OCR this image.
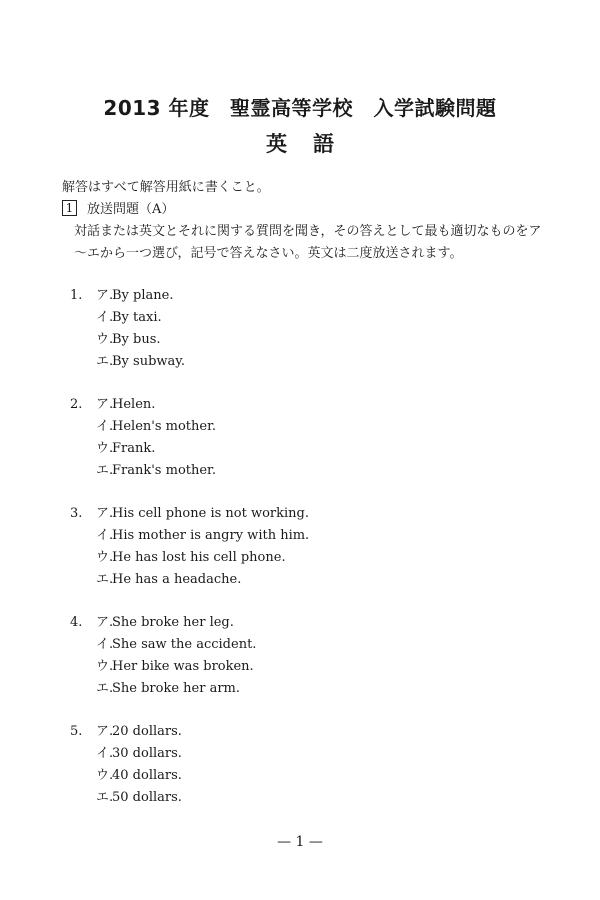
2013 年度　聖霊高等学校　入学試験問題
英語
解答はすべて解答用紙に書くこと。
1 放送問題（A）
対話または英文とそれに関する質問を聞き，その答えとして最も適切なものをア～エから一つ選び，記号で答えなさい。英文は二度放送されます。
1.	ア.By plane.
イ.By taxi.
ウ.By bus.
エ.By subway.
2.	ア.Helen.
イ.Helen's mother.
ウ.Frank.
エ.Frank's mother.
3.	ア.His cell phone is not working.
イ.His mother is angry with him.
ウ.He has lost his cell phone.
エ.He has a headache.
4.	ア.She broke her leg.
イ.She saw the accident.
ウ.Her bike was broken.
エ.She broke her arm.
5.	ア.20 dollars.
イ.30 dollars.
ウ.40 dollars.
エ.50 dollars.
— 1 —
